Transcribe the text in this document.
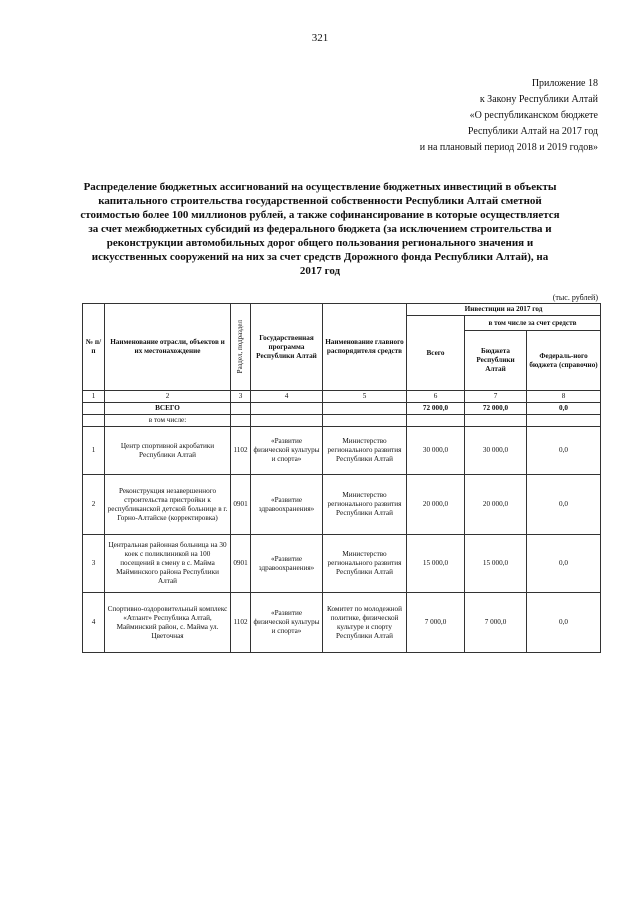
321
Приложение 18
к Закону Республики Алтай
«О республиканском бюджете
Республики Алтай на 2017 год
и на плановый период 2018 и 2019 годов»
Распределение бюджетных ассигнований на осуществление бюджетных инвестиций в объекты капитального строительства государственной собственности Республики Алтай сметной стоимостью более 100 миллионов рублей, а также софинансирование в которые осуществляется за счет межбюджетных субсидий из федерального бюджета (за исключением строительства и реконструкции автомобильных дорог общего пользования регионального значения и искусственных сооружений на них за счет средств Дорожного фонда Республики Алтай), на 2017 год
(тыс. рублей)
№ п/п	Наименование отрасли, объектов и их местонахождение	Раздел, подраздел	Государственная программа Республики Алтай	Наименование главного распорядителя средств	Инвестиции на 2017 год		
					Всего	в том числе за счет средств	
						Бюджета Республики Алтай	Федераль-ного бюджета (справочно)
1	2	3	4	5	6	7	8
	ВСЕГО				72 000,0	72 000,0	0,0
	в том числе:						
1	Центр спортивной акробатики Республики Алтай	1102	«Развитие физической культуры и спорта»	Министерство регионального развития Республики Алтай	30 000,0	30 000,0	0,0
2	Реконструкция незавершенного строительства пристройки к республиканской детской больнице в г. Горно-Алтайске (корректировка)	0901	«Развитие здравоохранения»	Министерство регионального развития Республики Алтай	20 000,0	20 000,0	0,0
3	Центральная районная больница на 30 коек с поликлиникой на 100 посещений в смену в с. Майма Майминского района Республики Алтай	0901	«Развитие здравоохранения»	Министерство регионального развития Республики Алтай	15 000,0	15 000,0	0,0
4	Спортивно-оздоровительный комплекс «Атлант» Республика Алтай, Майминский район, с. Майма ул. Цветочная	1102	«Развитие физической культуры и спорта»	Комитет по молодежной политике, физической культуре и спорту Республики Алтай	7 000,0	7 000,0	0,0
